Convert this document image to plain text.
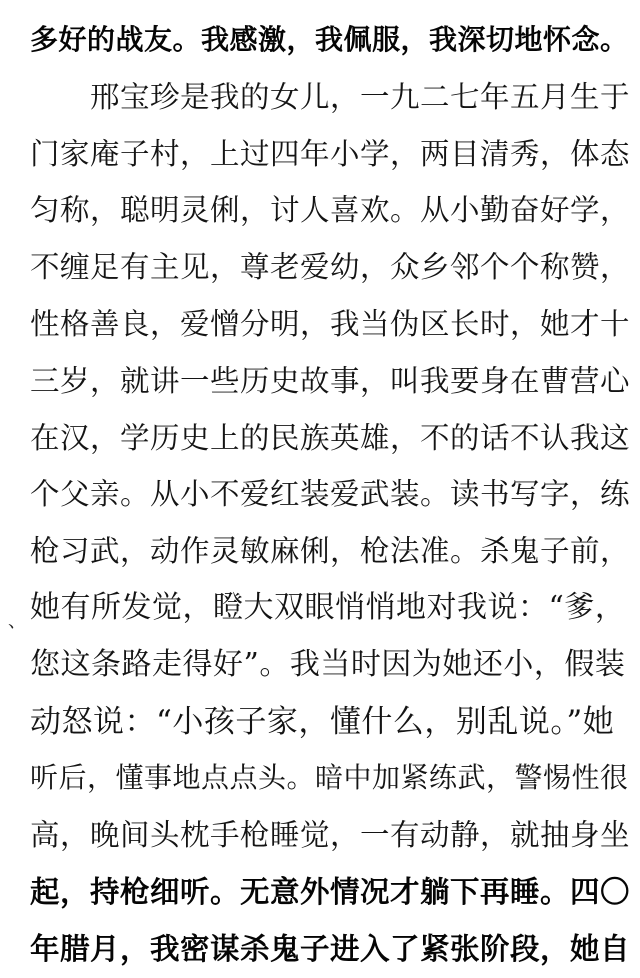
多好的战友。我感激，我佩服，我深切地怀念。
邢宝珍是我的女儿，一九二七年五月生于
门家庵子村，上过四年小学，两目清秀，体态
匀称，聪明灵俐，讨人喜欢。从小勤奋好学，
不缠足有主见，尊老爱幼，众乡邻个个称赞，
性格善良，爱憎分明，我当伪区长时，她才十
三岁，就讲一些历史故事，叫我要身在曹营心
在汉，学历史上的民族英雄，不的话不认我这
个父亲。从小不爱红装爱武装。读书写字，练
枪习武，动作灵敏麻俐，枪法准。杀鬼子前，
她有所发觉，瞪大双眼悄悄地对我说：“爹，
您这条路走得好”。我当时因为她还小，假装
动怒说：“小孩子家，懂什么，别乱说。”她
听后，懂事地点点头。暗中加紧练武，警惕性很
高，晚间头枕手枪睡觉，一有动静，就抽身坐
起，持枪细听。无意外情况才躺下再睡。四〇
年腊月，我密谋杀鬼子进入了紧张阶段，她自
、
